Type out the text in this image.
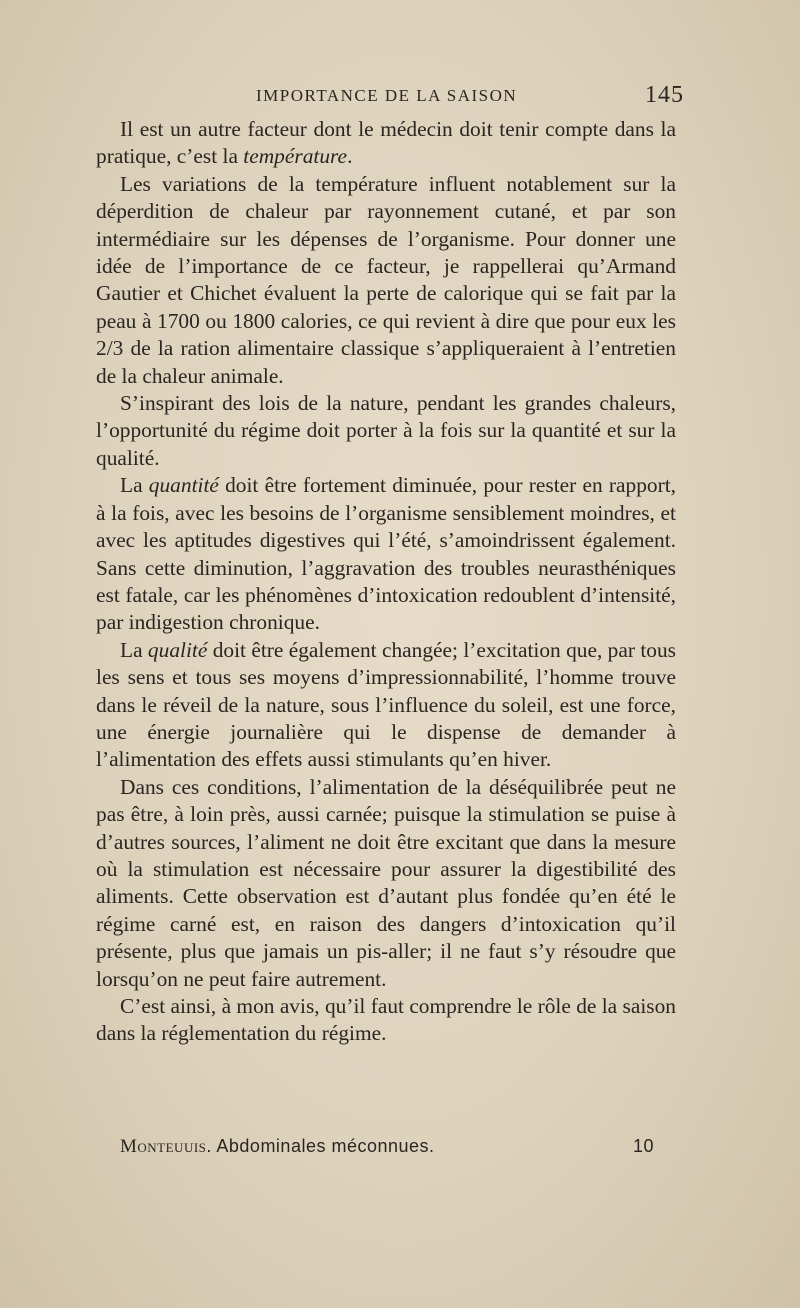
IMPORTANCE DE LA SAISON	145

Il est un autre facteur dont le médecin doit tenir compte dans la pratique, c’est la température.

Les variations de la température influent notablement sur la déperdition de chaleur par rayonnement cutané, et par son intermédiaire sur les dépenses de l’organisme. Pour donner une idée de l’importance de ce facteur, je rappellerai qu’Armand Gautier et Chichet évaluent la perte de calorique qui se fait par la peau à 1700 ou 1800 calories, ce qui revient à dire que pour eux les 2/3 de la ration alimentaire classique s’appliqueraient à l’entretien de la chaleur animale.

S’inspirant des lois de la nature, pendant les grandes chaleurs, l’opportunité du régime doit porter à la fois sur la quantité et sur la qualité.

La quantité doit être fortement diminuée, pour rester en rapport, à la fois, avec les besoins de l’organisme sensiblement moindres, et avec les aptitudes digestives qui l’été, s’amoindrissent également. Sans cette diminution, l’aggravation des troubles neurasthéniques est fatale, car les phénomènes d’intoxication redoublent d’intensité, par indigestion chronique.

La qualité doit être également changée; l’excitation que, par tous les sens et tous ses moyens d’impressionnabilité, l’homme trouve dans le réveil de la nature, sous l’influence du soleil, est une force, une énergie journalière qui le dispense de demander à l’alimentation des effets aussi stimulants qu’en hiver.

Dans ces conditions, l’alimentation de la déséquilibrée peut ne pas être, à loin près, aussi carnée; puisque la stimulation se puise à d’autres sources, l’aliment ne doit être excitant que dans la mesure où la stimulation est nécessaire pour assurer la digestibilité des aliments. Cette observation est d’autant plus fondée qu’en été le régime carné est, en raison des dangers d’intoxication qu’il présente, plus que jamais un pis-aller; il ne faut s’y résoudre que lorsqu’on ne peut faire autrement.

C’est ainsi, à mon avis, qu’il faut comprendre le rôle de la saison dans la réglementation du régime.

Monteuuis. Abdominales méconnues.	10
